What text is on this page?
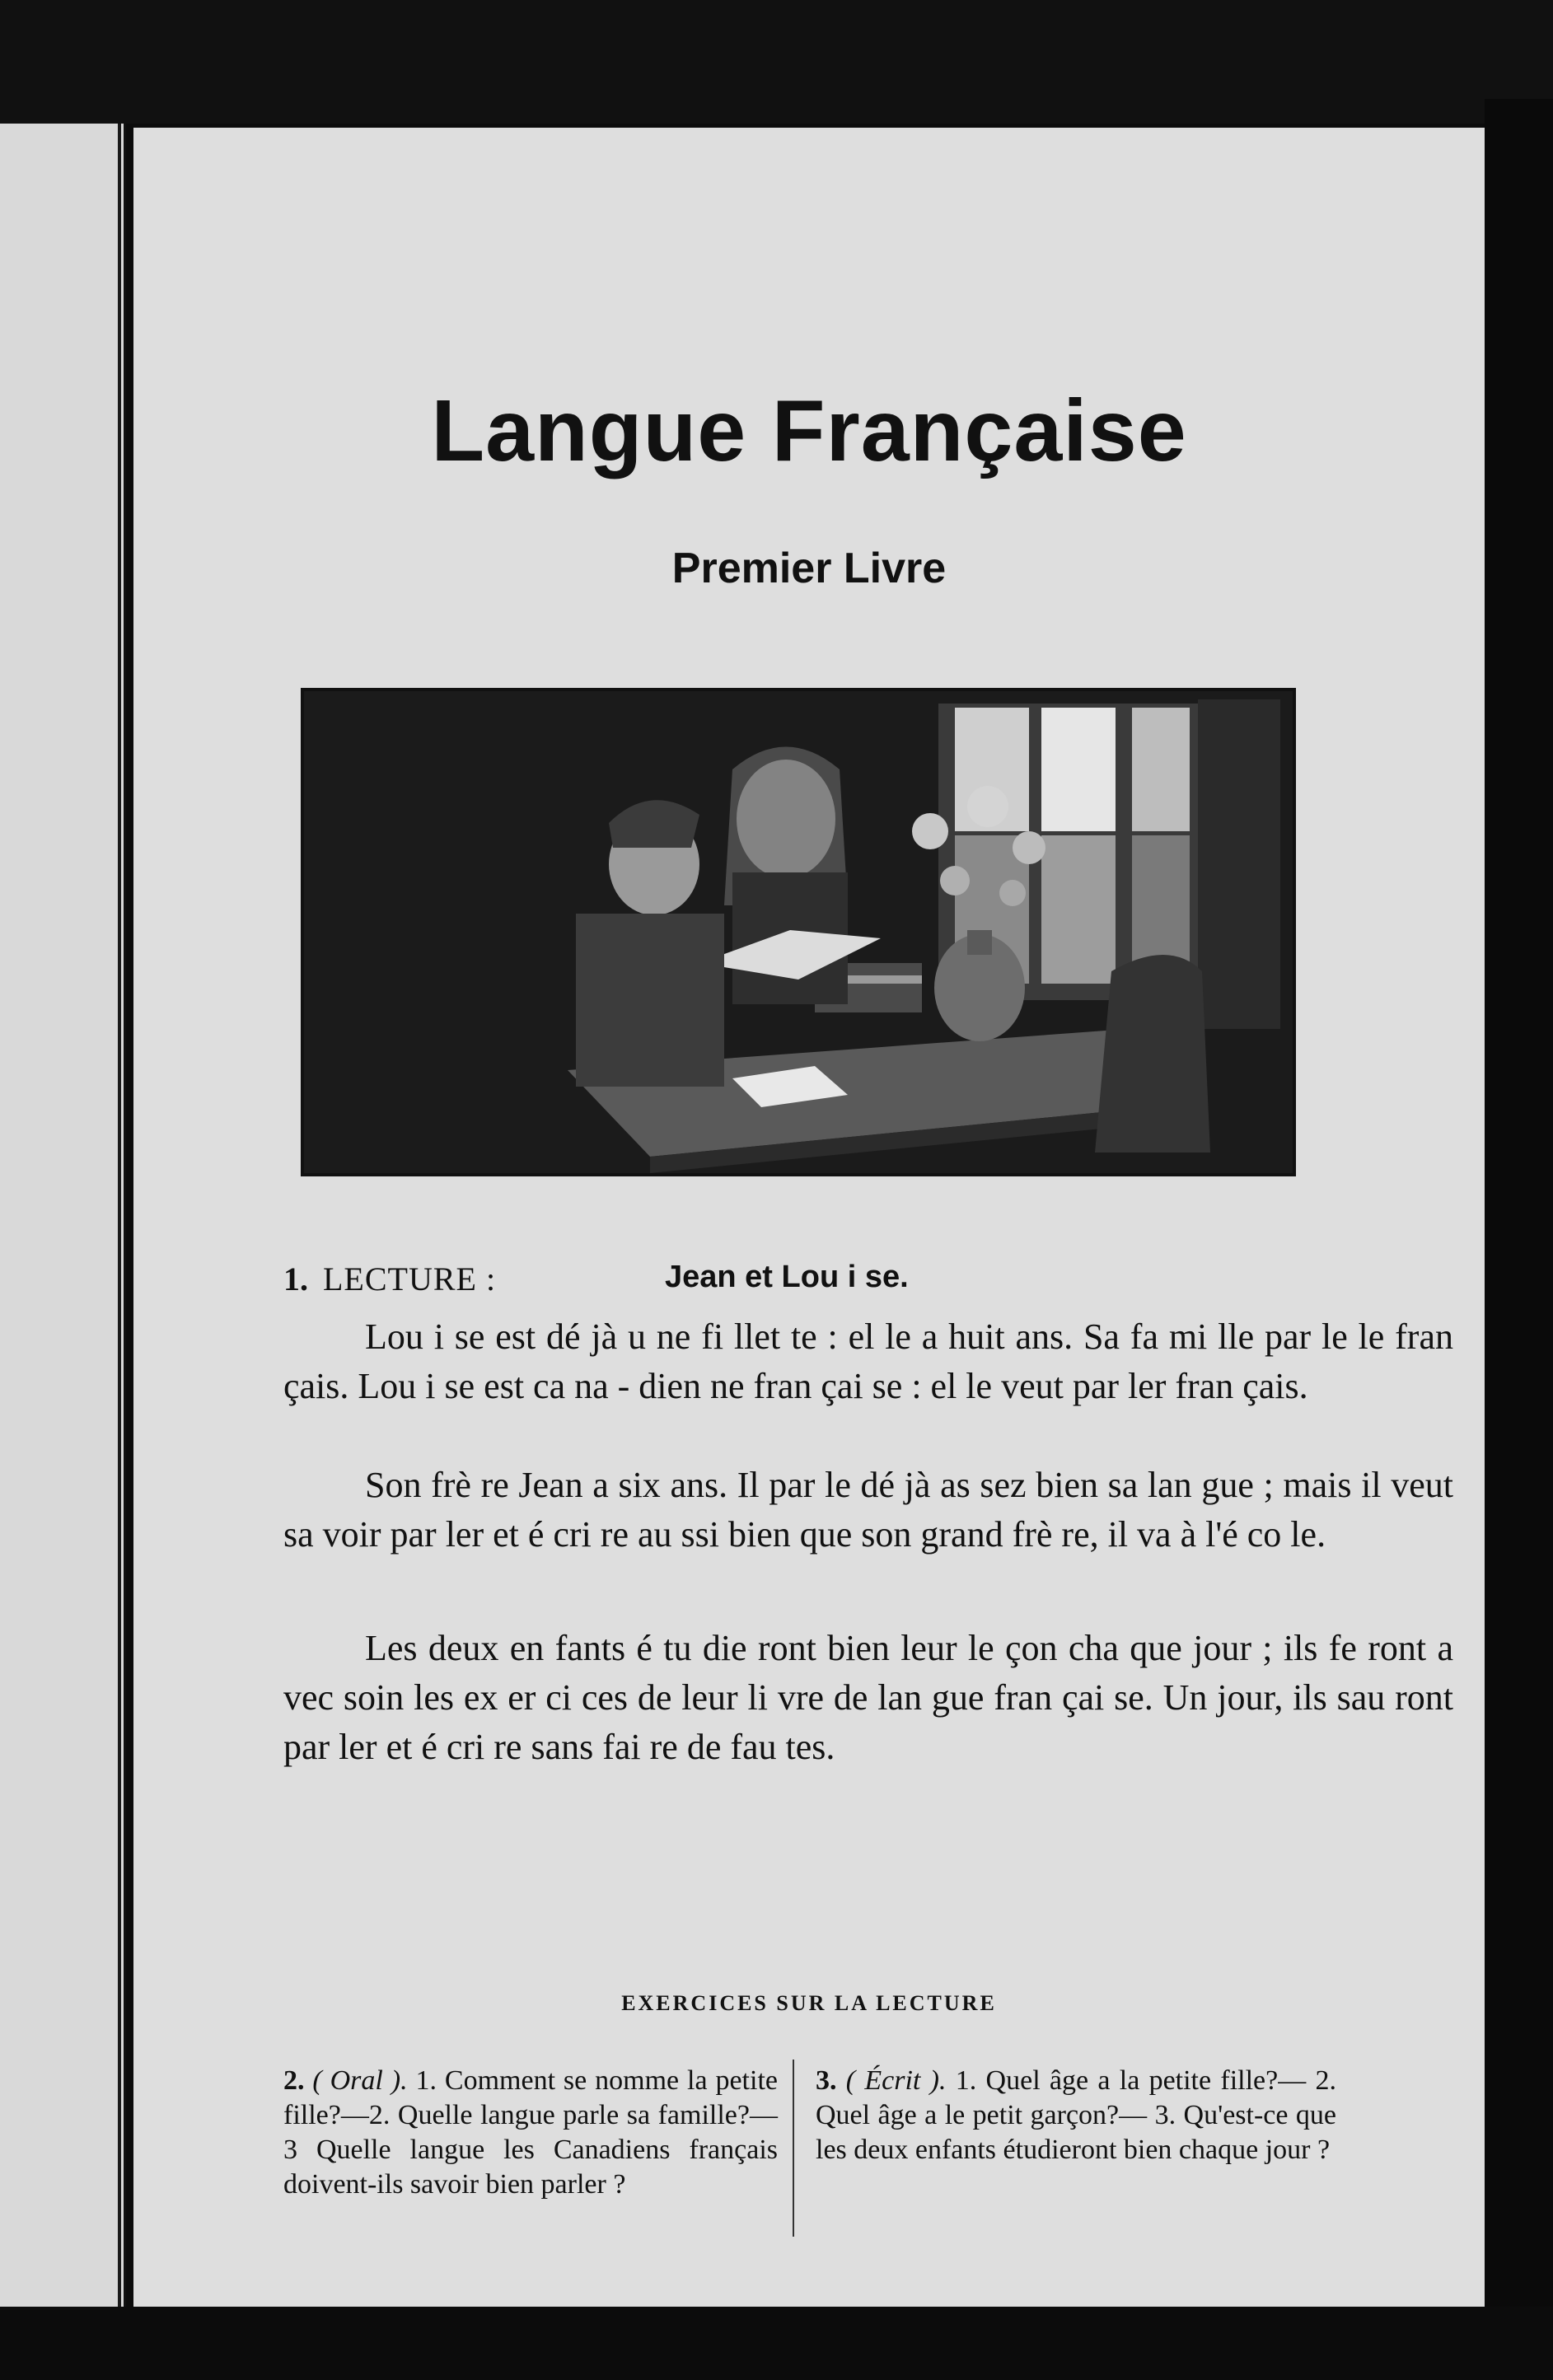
Langue Française
Premier Livre
1. LECTURE :	Jean et Lou i se.

Lou i se est dé jà u ne fi llet te : el le a huit ans. Sa fa mi lle par le le fran çais. Lou i se est ca na - dien ne fran çai se : el le veut par ler fran çais.

Son frè re Jean a six ans. Il par le dé jà as sez bien sa lan gue ; mais il veut sa voir par ler et é cri re au ssi bien que son grand frè re, il va à l'é co le.

Les deux en fants é tu die ront bien leur le çon cha que jour ; ils fe ront a vec soin les ex er ci ces de leur li vre de lan gue fran çai se. Un jour, ils sau ront par ler et é cri re sans fai re de fau tes.

EXERCICES SUR LA LECTURE

2. ( Oral ). 1. Comment se nomme la petite fille?—2. Quelle langue parle sa famille?—3 Quelle langue les Canadiens français doivent-ils savoir bien parler ?

3. ( Écrit ). 1. Quel âge a la petite fille?— 2. Quel âge a le petit garçon?— 3. Qu'est-ce que les deux enfants étudieront bien chaque jour ?
